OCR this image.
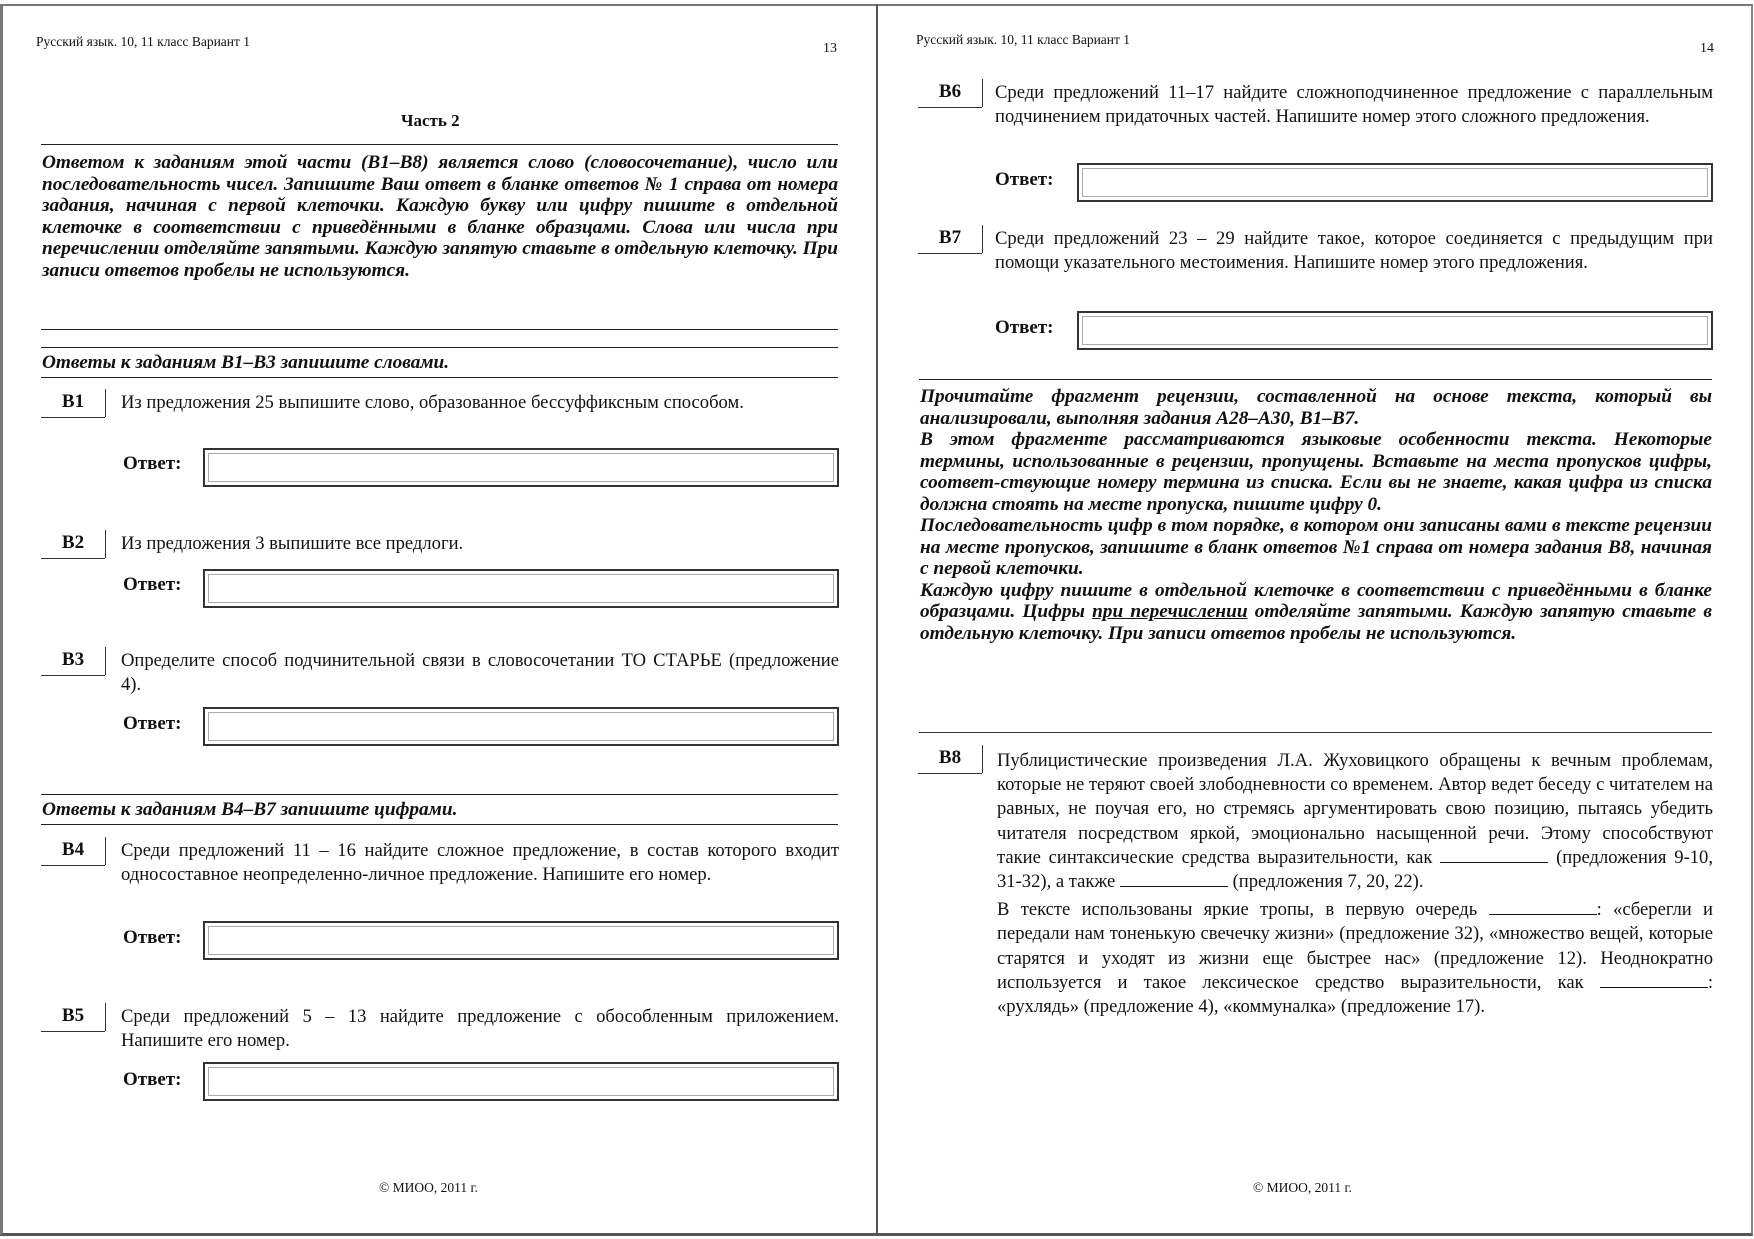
Русский язык. 10, 11 класс Вариант 1	13
Часть 2
Ответом к заданиям этой части (В1–В8) является слово (словосочетание), число или последовательность чисел. Запишите Ваш ответ в бланке ответов № 1 справа от номера задания, начиная с первой клеточки. Каждую букву или цифру пишите в отдельной клеточке в соответствии с приведёнными в бланке образцами. Слова или числа при перечислении отделяйте запятыми. Каждую запятую ставьте в отдельную клеточку. При записи ответов пробелы не используются.
Ответы к заданиям В1–В3 запишите словами.
В1	Из предложения 25 выпишите слово, образованное бессуффиксным способом.
Ответ:
В2	Из предложения 3 выпишите все предлоги.
Ответ:
В3	Определите способ подчинительной связи в словосочетании ТО СТАРЬЕ (предложение 4).
Ответ:
Ответы к заданиям В4–В7 запишите цифрами.
В4	Среди предложений 11 – 16 найдите сложное предложение, в состав которого входит односоставное неопределенно-личное предложение. Напишите его номер.
Ответ:
В5	Среди предложений 5 – 13 найдите предложение с обособленным приложением. Напишите его номер.
Ответ:
© МИОО, 2011 г.
Русский язык. 10, 11 класс Вариант 1
14
В6	Среди предложений 11–17 найдите сложноподчиненное предложение с параллельным подчинением придаточных частей. Напишите номер этого сложного предложения.
Ответ:
В7	Среди предложений 23 – 29 найдите такое, которое соединяется с предыдущим при помощи указательного местоимения. Напишите номер этого предложения.
Ответ:

Прочитайте фрагмент рецензии, составленной на основе текста, который вы анализировали, выполняя задания А28–А30, В1–В7.

В этом фрагменте рассматриваются языковые особенности текста. Некоторые термины, использованные в рецензии, пропущены. Вставьте на места пропусков цифры, соответ-ствующие номеру термина из списка. Если вы не знаете, какая цифра из списка должна стоять на месте пропуска, пишите цифру 0.

Последовательность цифр в том порядке, в котором они записаны вами в тексте рецензии на месте пропусков, запишите в бланк ответов №1 справа от номера задания В8, начиная с первой клеточки.

Каждую цифру пишите в отдельной клеточке в соответствии с приведёнными в бланке образцами. Цифры при перечислении отделяйте запятыми. Каждую запятую ставьте в отдельную клеточку. При записи ответов пробелы не используются.

В8	Публицистические произведения Л.А. Жуховицкого обращены к вечным проблемам, которые не теряют своей злободневности со временем. Автор ведет беседу с читателем на равных, не поучая его, но стремясь аргументировать свою позицию, пытаясь убедить читателя посредством яркой, эмоционально насыщенной речи. Этому способствуют такие синтаксические средства выразительности, как	(предложения 9-10, 31-32), а также	(предложения 7, 20, 22).

В тексте использованы яркие тропы, в первую очередь	: «сберегли и передали нам тоненькую свечечку жизни» (предложение 32), «множество вещей, которые старятся и уходят из жизни еще быстрее нас» (предложение 12). Неоднократно используется и такое лексическое средство выразительности, как	: «рухлядь» (предложение 4), «коммуналка» (предложение 17).

© МИОО, 2011 г.
